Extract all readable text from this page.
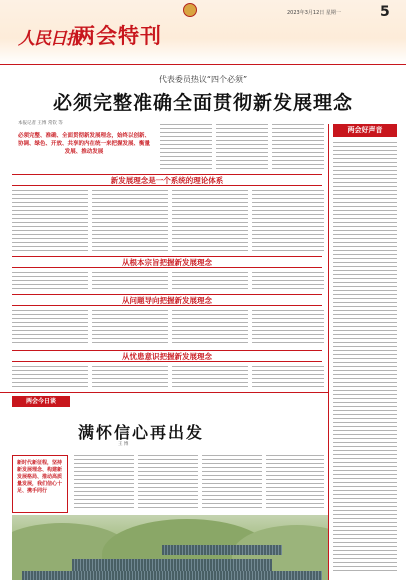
人民日报
两会特刊
2023年3月12日 星期一	5
代表委员热议“四个必须”
必须完整准确全面贯彻新发展理念
本报记者 王博 常钦 等
必须完整、准确、全面贯彻新发展理念，始终以创新、协调、绿色、开放、共享的内在统一来把握发展、衡量发展、推动发展
新发展理念是一个系统的理论体系
从根本宗旨把握新发展理念
从问题导向把握新发展理念
从忧患意识把握新发展理念
两会好声音
两会今日谈
满怀信心再出发
王 博
新时代新征程，坚持新发展理念、构建新发展格局、推动高质量发展，我们信心十足、携手同行
